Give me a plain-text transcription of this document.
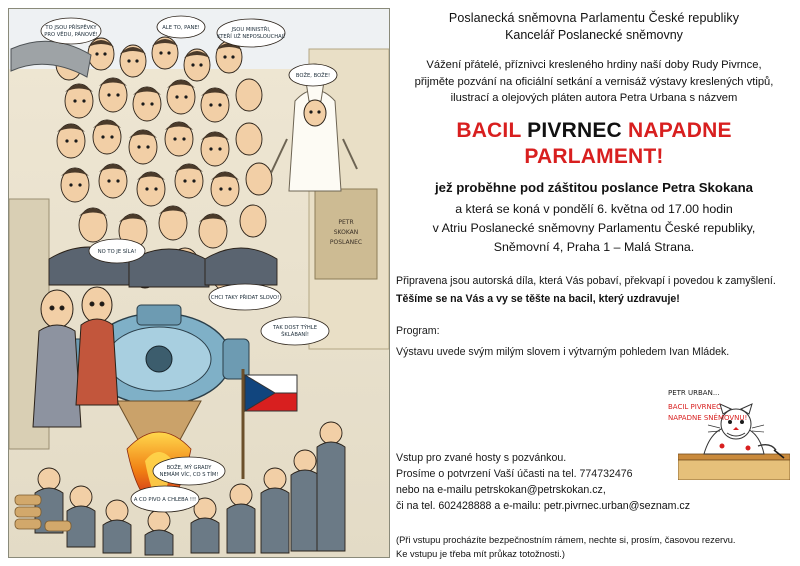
PETR
SKOKAN
POSLANEC
TO JSOU PŘÍSPĚVKY
PRO VĚDU, PÁNOVÉ!
ALE TO, PANE!	JSOU MINISTŘI,
KTEŘÍ UŽ NEPOSLOUCHAJÍ
BOŽE, BOŽE!
NO TO JE SÍLA!
CHCI TAKY PŘIDAT SLOVO!
TAK DOST TÝHLE
ŠKLÁBANÍ!
BOŽE, MÝ GRADY
NEMÁM VÍC, CO S TÍM!
A CO PIVO A CHLEBA !!!
Poslanecká sněmovna Parlamentu České republiky
Kancelář Poslanecké sněmovny
Vážení přátelé, příznivci kresleného hrdiny naší doby Rudy Pivrnce,
přijměte pozvání na oficiální setkání a vernisáž výstavy kreslených vtipů,
ilustrací a olejových pláten autora Petra Urbana s názvem
BACIL PIVRNEC NAPADNE
PARLAMENT!
jež proběhne pod záštitou poslance Petra Skokana
a která se koná v pondělí 6. května od 17.00 hodin
v Atriu Poslanecké sněmovny Parlamentu České republiky,
Sněmovní 4, Praha 1 – Malá Strana.
Připravena jsou autorská díla, která Vás pobaví, překvapí i povedou k zamyšlení.
Těšíme se na Vás a vy se těšte na bacil, který uzdravuje!
Program:
Výstavu uvede svým milým slovem i výtvarným pohledem Ivan Mládek.
Vstup pro zvané hosty s pozvánkou.
Prosíme o potvrzení Vaší účasti na tel. 774732476
nebo na e-mailu petrskokan@petrskokan.cz,
či na tel. 602428888 a e-mailu: petr.pivrnec.urban@seznam.cz
(Při vstupu procházíte bezpečnostním rámem, nechte si, prosím, časovou rezervu.
Ke vstupu je třeba mít průkaz totožnosti.)
PETR URBAN...
BACIL PIVRNEC
NAPADNE SNĚMOVNU!
